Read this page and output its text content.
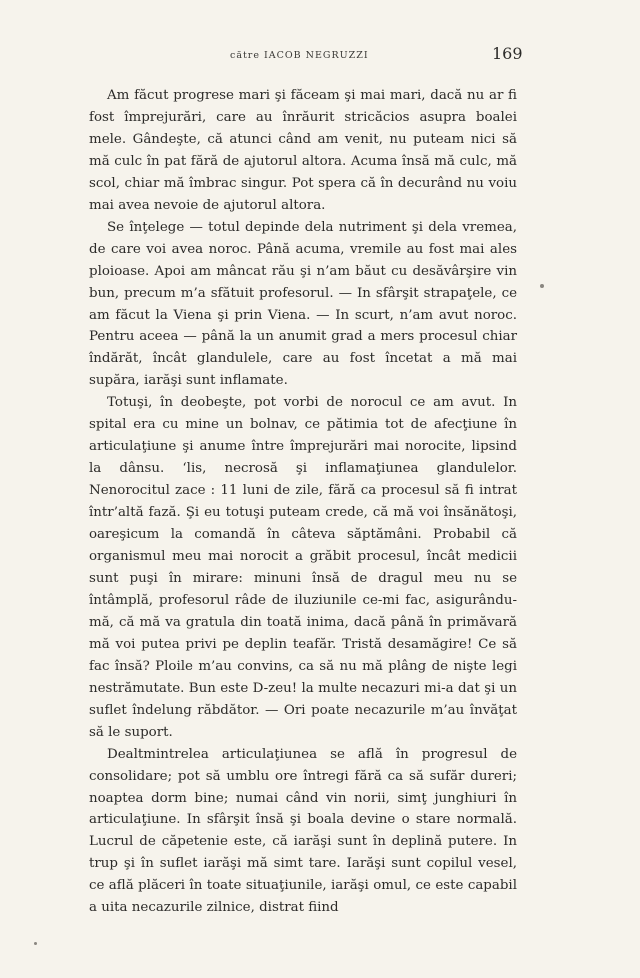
către IACOB NEGRUZZI	169

Am făcut progrese mari şi făceam şi mai mari, dacă nu ar fi fost împrejurări, care au înrăurit stricăcios asupra boalei mele. Gândeşte, că atunci când am venit, nu puteam nici să mă culc în pat fără de ajutorul altora. Acuma însă mă culc, mă scol, chiar mă îmbrac singur. Pot spera că în decurând nu voiu mai avea nevoie de ajutorul altora.

Se înţelege — totul depinde dela nutriment şi dela vremea, de care voi avea noroc. Până acuma, vremile au fost mai ales ploioase. Apoi am mâncat rău şi n’am băut cu desăvârşire vin bun, precum m’a sfătuit profesorul. — In sfârşit strapaţele, ce am făcut la Viena şi prin Viena. — In scurt, n’am avut noroc. Pentru aceea — până la un anumit grad a mers procesul chiar îndărăt, încât glandulele, care au fost încetat a mă mai supăra, iarăşi sunt inflamate.

Totuşi, în deobeşte, pot vorbi de norocul ce am avut. In spital era cu mine un bolnav, ce pătimia tot de afecţiune în articulaţiune şi anume între împrejurări mai norocite, lipsind la dânsu. ʻlis, necrosă şi inflamaţiunea glandulelor. Nenorocitul zace : 11 luni de zile, fără ca procesul să fi intrat într’altă fază. Şi eu totuşi puteam crede, că mă voi însănătoşi, oareşicum la comandă în câteva săptămâni. Probabil că organismul meu mai norocit a grăbit procesul, încât medicii sunt puşi în mirare: minuni însă de dragul meu nu se întâmplă, profesorul râde de iluziunile ce-mi fac, asigurându-mă, că mă va gratula din toată inima, dacă până în primăvară mă voi putea privi pe deplin teafăr. Tristă desamăgire! Ce să fac însă? Ploile m’au convins, ca să nu mă plâng de nişte legi nestrămutate. Bun este D-zeu! la multe necazuri mi-a dat şi un suflet îndelung răbdător. — Ori poate necazurile m’au învăţat să le suport.

Dealtmintrelea articulaţiunea se află în progresul de consolidare; pot să umblu ore întregi fără ca să sufăr dureri; noaptea dorm bine; numai când vin norii, simţ junghiuri în articulaţiune. In sfârşit însă şi boala devine o stare normală. Lucrul de căpetenie este, că iarăşi sunt în deplină putere. In trup şi în suflet iarăşi mă simt tare. Iarăşi sunt copilul vesel, ce află plăceri în toate situaţiunile, iarăşi omul, ce este capabil a uita necazurile zilnice, distrat fiind
